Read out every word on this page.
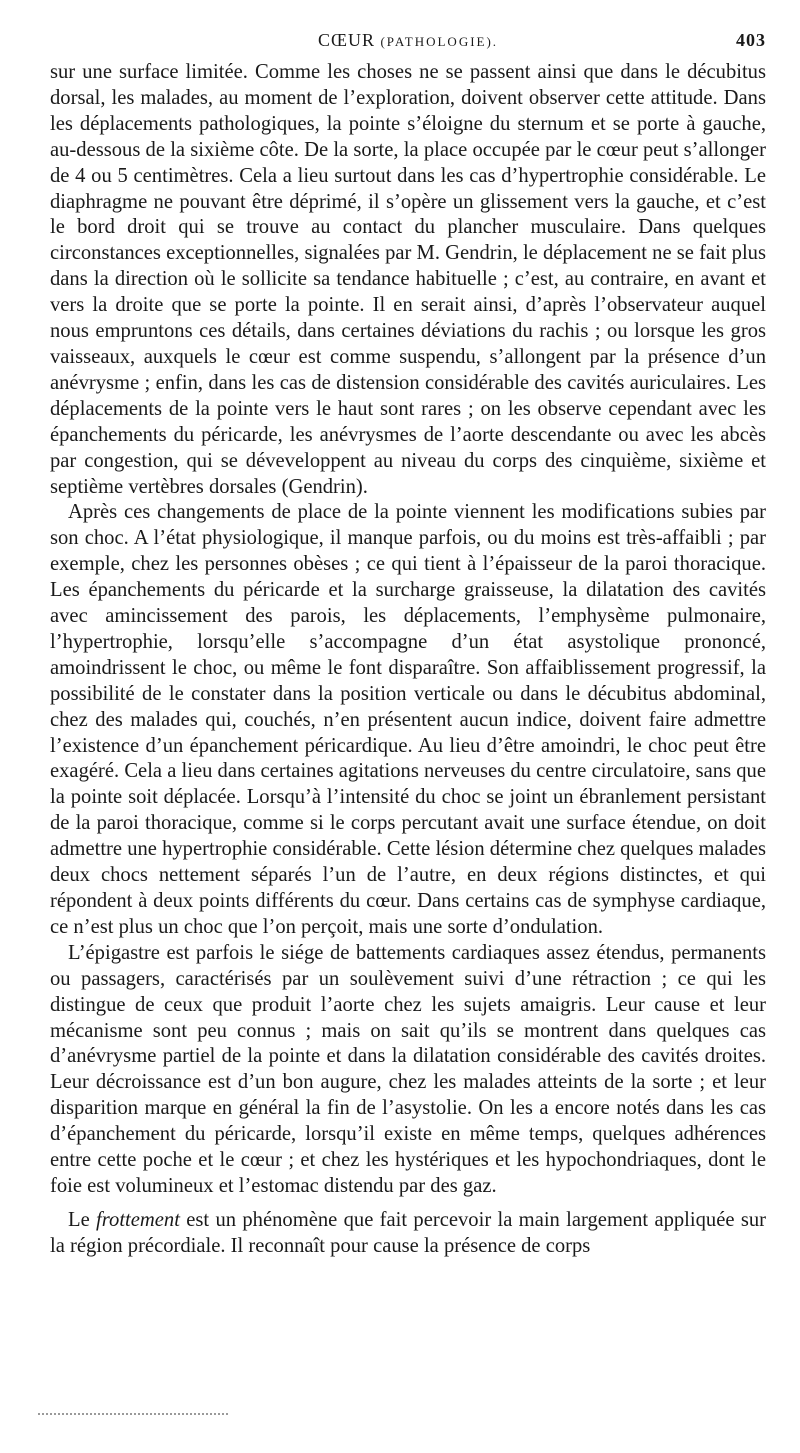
CŒUR (PATHOLOGIE).	403

sur une surface limitée. Comme les choses ne se passent ainsi que dans le décubitus dorsal, les malades, au moment de l’exploration, doivent observer cette attitude. Dans les déplacements pathologiques, la pointe s’éloigne du sternum et se porte à gauche, au-dessous de la sixième côte. De la sorte, la place occupée par le cœur peut s’allonger de 4 ou 5 centimètres. Cela a lieu surtout dans les cas d’hypertrophie considérable. Le diaphragme ne pouvant être déprimé, il s’opère un glissement vers la gauche, et c’est le bord droit qui se trouve au contact du plancher musculaire. Dans quelques circonstances exceptionnelles, signalées par M. Gendrin, le déplacement ne se fait plus dans la direction où le sollicite sa tendance habituelle ; c’est, au contraire, en avant et vers la droite que se porte la pointe. Il en serait ainsi, d’après l’observateur auquel nous empruntons ces détails, dans certaines déviations du rachis ; ou lorsque les gros vaisseaux, auxquels le cœur est comme suspendu, s’allongent par la présence d’un anévrysme ; enfin, dans les cas de distension considérable des cavités auriculaires. Les déplacements de la pointe vers le haut sont rares ; on les observe cependant avec les épanchements du péricarde, les anévrysmes de l’aorte descendante ou avec les abcès par congestion, qui se déveveloppent au niveau du corps des cinquième, sixième et septième vertèbres dorsales (Gendrin).

Après ces changements de place de la pointe viennent les modifications subies par son choc. A l’état physiologique, il manque parfois, ou du moins est très-affaibli ; par exemple, chez les personnes obèses ; ce qui tient à l’épaisseur de la paroi thoracique. Les épanchements du péricarde et la surcharge graisseuse, la dilatation des cavités avec amincissement des parois, les déplacements, l’emphysème pulmonaire, l’hypertrophie, lorsqu’elle s’accompagne d’un état asystolique prononcé, amoindrissent le choc, ou même le font disparaître. Son affaiblissement progressif, la possibilité de le constater dans la position verticale ou dans le décubitus abdominal, chez des malades qui, couchés, n’en présentent aucun indice, doivent faire admettre l’existence d’un épanchement péricardique. Au lieu d’être amoindri, le choc peut être exagéré. Cela a lieu dans certaines agitations nerveuses du centre circulatoire, sans que la pointe soit déplacée. Lorsqu’à l’intensité du choc se joint un ébranlement persistant de la paroi thoracique, comme si le corps percutant avait une surface étendue, on doit admettre une hypertrophie considérable. Cette lésion détermine chez quelques malades deux chocs nettement séparés l’un de l’autre, en deux régions distinctes, et qui répondent à deux points différents du cœur. Dans certains cas de symphyse cardiaque, ce n’est plus un choc que l’on perçoit, mais une sorte d’ondulation.

L’épigastre est parfois le siége de battements cardiaques assez étendus, permanents ou passagers, caractérisés par un soulèvement suivi d’une rétraction ; ce qui les distingue de ceux que produit l’aorte chez les sujets amaigris. Leur cause et leur mécanisme sont peu connus ; mais on sait qu’ils se montrent dans quelques cas d’anévrysme partiel de la pointe et dans la dilatation considérable des cavités droites. Leur décroissance est d’un bon augure, chez les malades atteints de la sorte ; et leur disparition marque en général la fin de l’asystolie. On les a encore notés dans les cas d’épanchement du péricarde, lorsqu’il existe en même temps, quelques adhérences entre cette poche et le cœur ; et chez les hystériques et les hypochondriaques, dont le foie est volumineux et l’estomac distendu par des gaz.

Le frottement est un phénomène que fait percevoir la main largement appliquée sur la région précordiale. Il reconnaît pour cause la présence de corps
